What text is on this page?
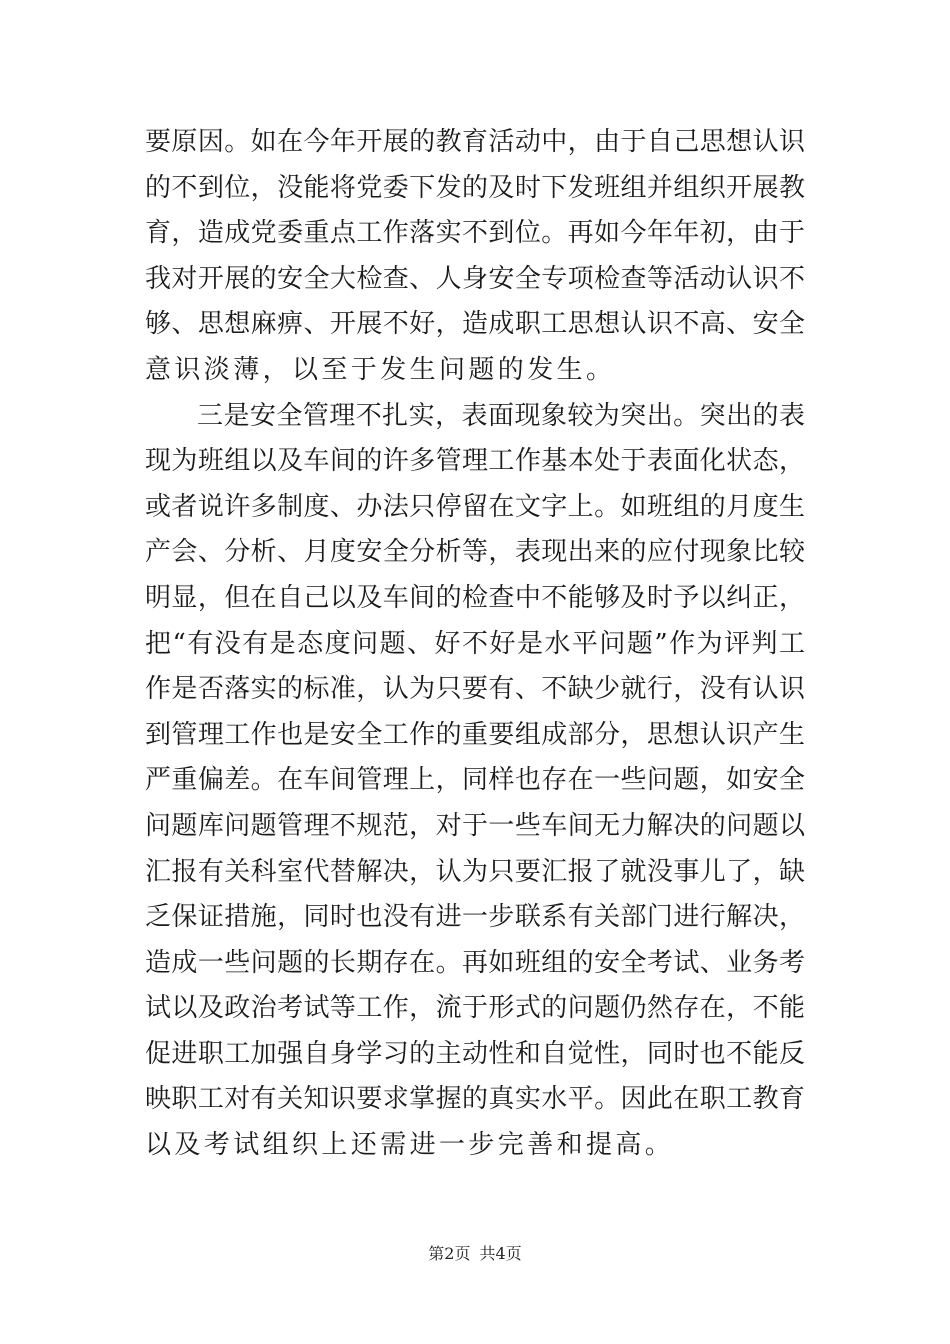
要原因。如在今年开展的教育活动中，由于自己思想认识
的不到位，没能将党委下发的及时下发班组并组织开展教
育，造成党委重点工作落实不到位。再如今年年初，由于
我对开展的安全大检查、人身安全专项检查等活动认识不
够、思想麻痹、开展不好，造成职工思想认识不高、安全
意识淡薄，以至于发生问题的发生。
三是安全管理不扎实，表面现象较为突出。突出的表
现为班组以及车间的许多管理工作基本处于表面化状态，
或者说许多制度、办法只停留在文字上。如班组的月度生
产会、分析、月度安全分析等，表现出来的应付现象比较
明显，但在自己以及车间的检查中不能够及时予以纠正，
把“有没有是态度问题、好不好是水平问题”作为评判工
作是否落实的标准，认为只要有、不缺少就行，没有认识
到管理工作也是安全工作的重要组成部分，思想认识产生
严重偏差。在车间管理上，同样也存在一些问题，如安全
问题库问题管理不规范，对于一些车间无力解决的问题以
汇报有关科室代替解决，认为只要汇报了就没事儿了，缺
乏保证措施，同时也没有进一步联系有关部门进行解决，
造成一些问题的长期存在。再如班组的安全考试、业务考
试以及政治考试等工作，流于形式的问题仍然存在，不能
促进职工加强自身学习的主动性和自觉性，同时也不能反
映职工对有关知识要求掌握的真实水平。因此在职工教育
以及考试组织上还需进一步完善和提高。
第2页 共4页
